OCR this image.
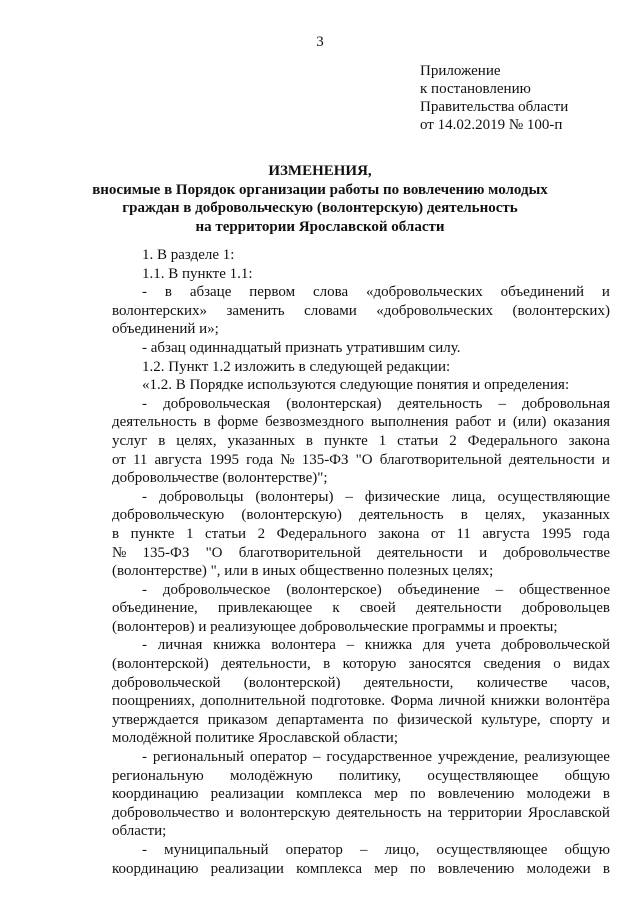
3
Приложение
к постановлению
Правительства области
от 14.02.2019 № 100-п
ИЗМЕНЕНИЯ,
вносимые в Порядок организации работы по вовлечению молодых
граждан в добровольческую (волонтерскую) деятельность
на территории Ярославской области
1. В разделе 1:
1.1. В пункте 1.1:
- в абзаце первом слова «добровольческих объединений и
волонтерских» заменить словами «добровольческих (волонтерских)
объединений и»;
- абзац одиннадцатый признать утратившим силу.
1.2. Пункт 1.2 изложить в следующей редакции:
«1.2. В Порядке используются следующие понятия и определения:
- добровольческая (волонтерская) деятельность – добровольная
деятельность в форме безвозмездного выполнения работ и (или) оказания
услуг в целях, указанных в пункте 1 статьи 2 Федерального закона
от 11 августа 1995 года № 135-ФЗ "О благотворительной деятельности и
добровольчестве (волонтерстве)";
- добровольцы (волонтеры) – физические лица, осуществляющие
добровольческую (волонтерскую) деятельность в целях, указанных
в пункте 1 статьи 2 Федерального закона от 11 августа 1995 года
№ 135-ФЗ "О благотворительной деятельности и добровольчестве
(волонтерстве) ", или в иных общественно полезных целях;
- добровольческое (волонтерское) объединение – общественное
объединение, привлекающее к своей деятельности добровольцев
(волонтеров) и реализующее добровольческие программы и проекты;
- личная книжка волонтера – книжка для учета добровольческой
(волонтерской) деятельности, в которую заносятся сведения о видах
добровольческой (волонтерской) деятельности, количестве часов,
поощрениях, дополнительной подготовке. Форма личной книжки волонтёра
утверждается приказом департамента по физической культуре, спорту и
молодёжной политике Ярославской области;
- региональный оператор – государственное учреждение, реализующее
региональную молодёжную политику, осуществляющее общую
координацию реализации комплекса мер по вовлечению молодежи в
добровольчество и волонтерскую деятельность на территории Ярославской
области;
- муниципальный оператор – лицо, осуществляющее общую
координацию реализации комплекса мер по вовлечению молодежи в
